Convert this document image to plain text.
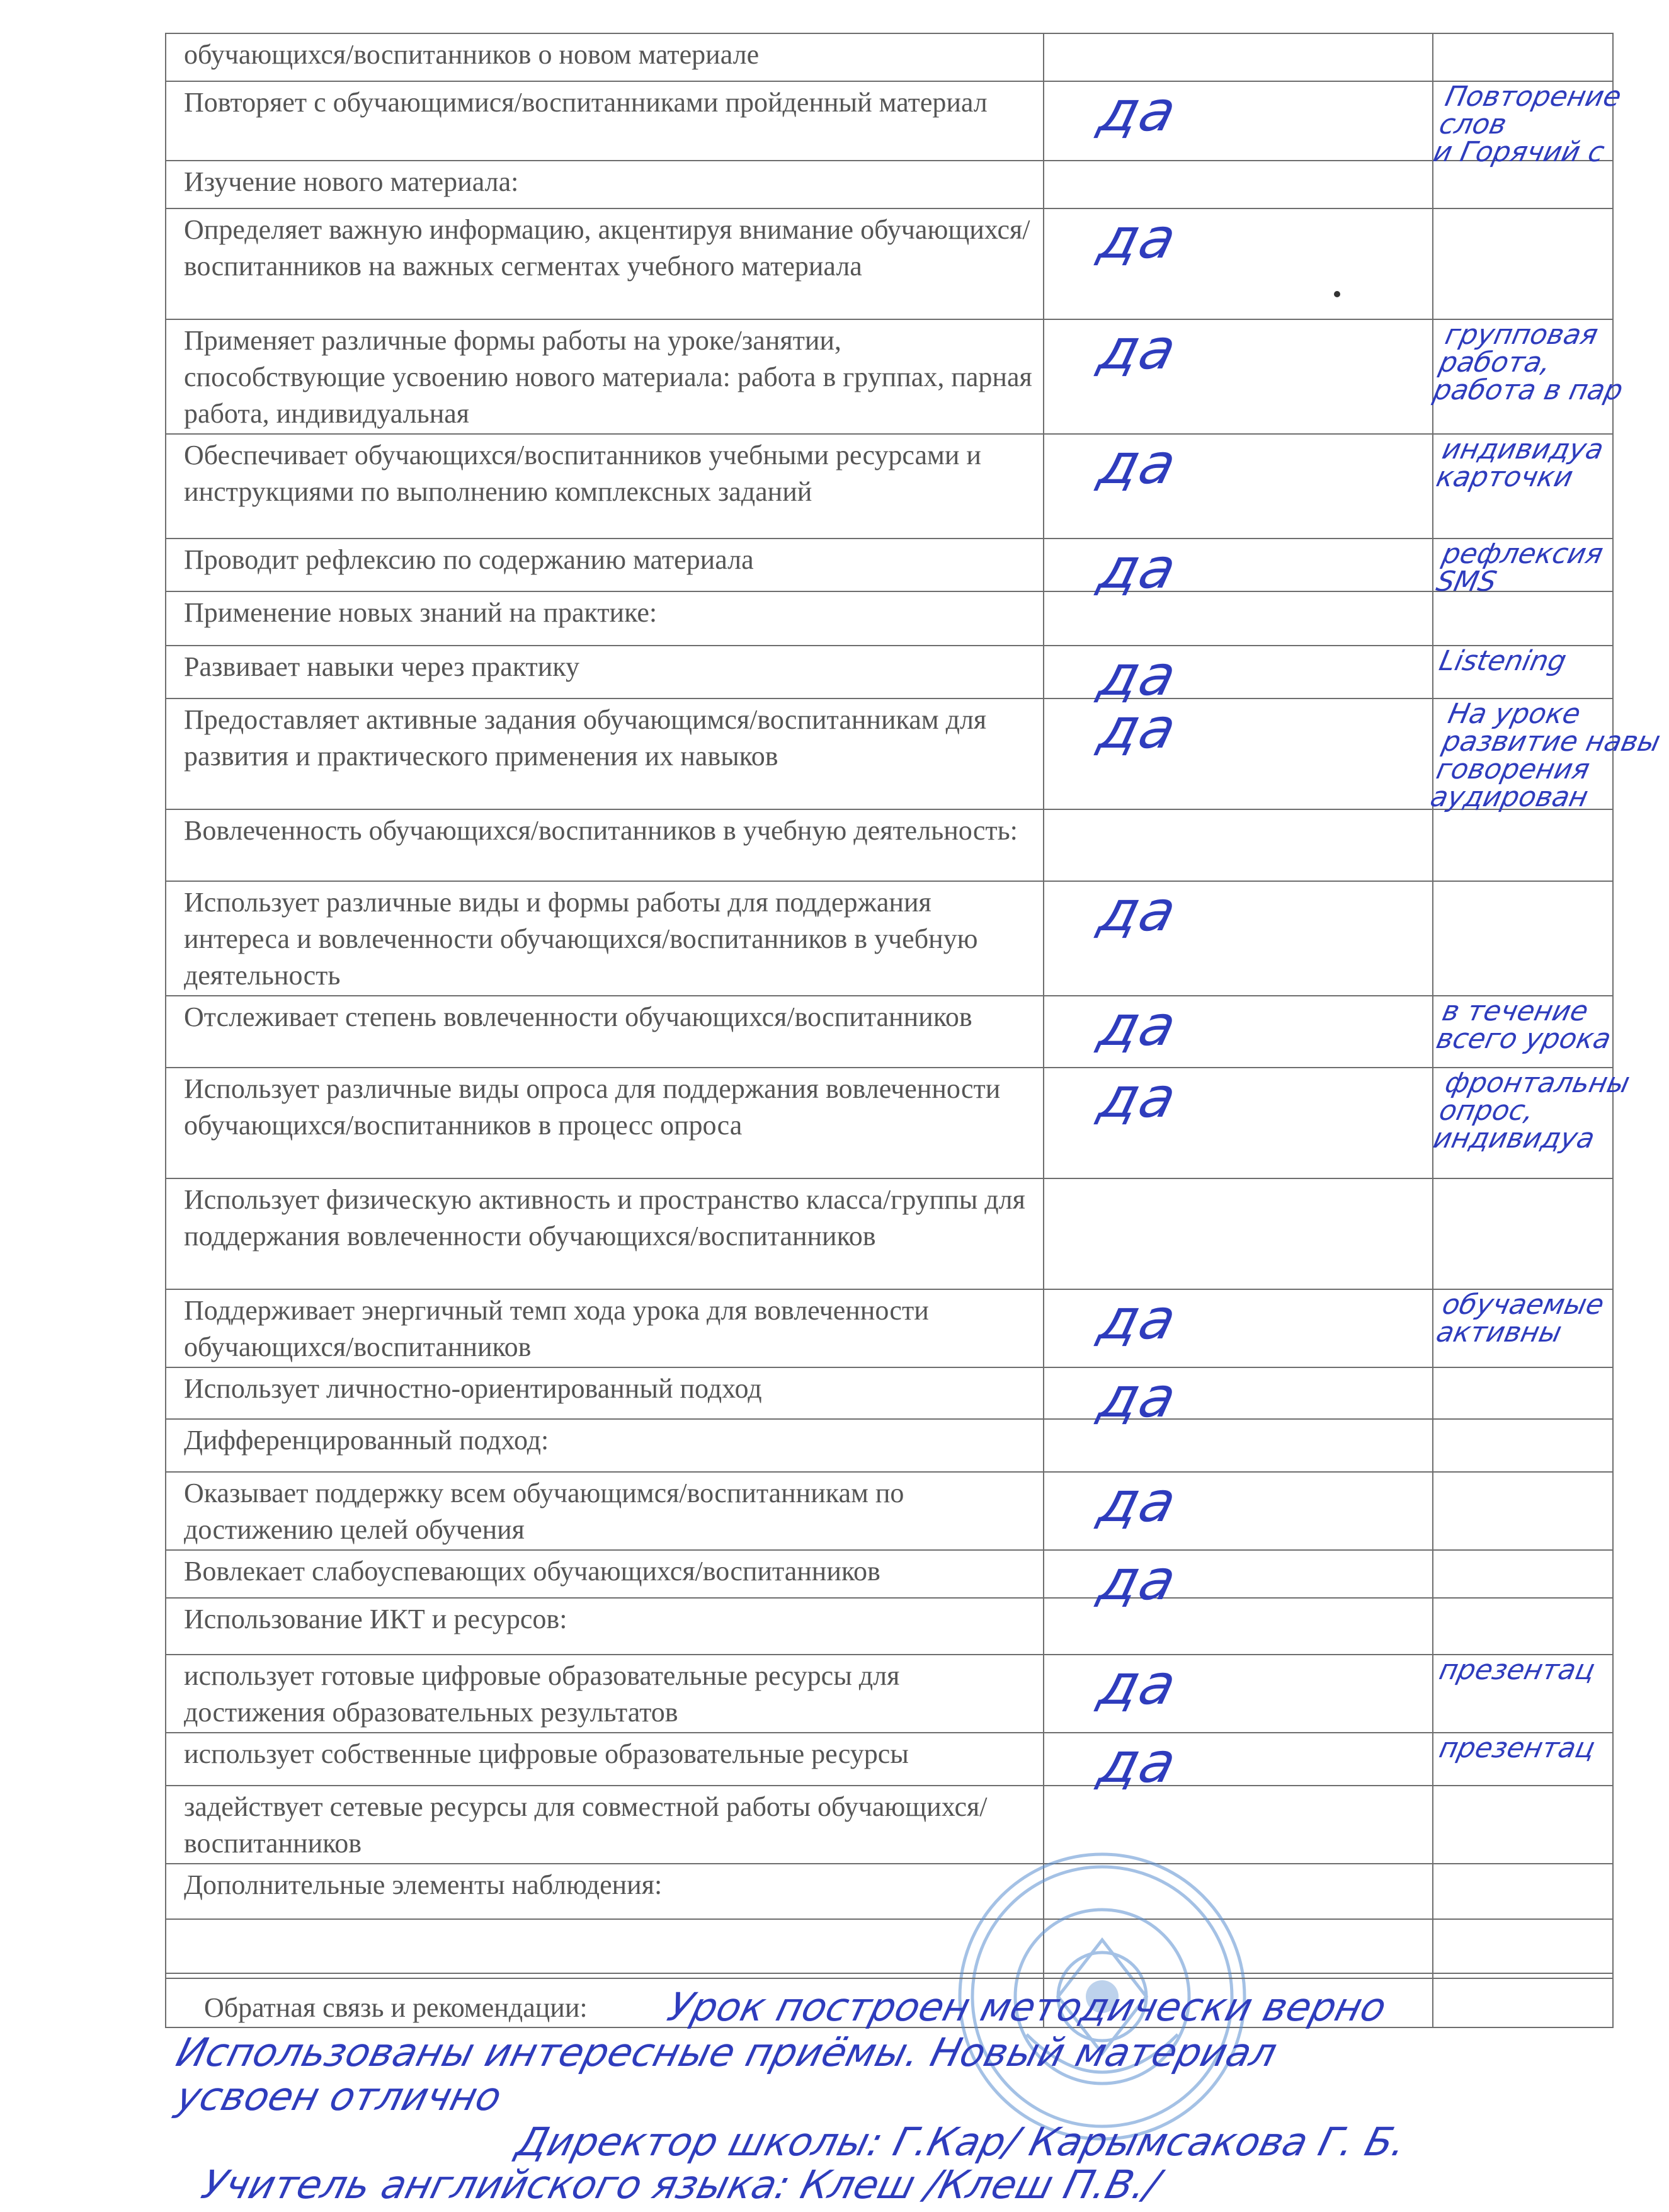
обучающихся/воспитанников о новом материале	

Повторяет с обучающимися/воспитанниками пройденный материал	да	Повторение
слов
и Горячий с

Изучение нового материала:	

Определяет важную информацию, акцентируя внимание обучающихся/воспитанников на важных сегментах учебного материала	да	

Применяет различные формы работы на уроке/занятии, способствующие усвоению нового материала: работа в группах, парная работа, индивидуальная	да	групповая
работа,
работа в пар

Обеспечивает обучающихся/воспитанников учебными ресурсами и инструкциями по выполнению комплексных заданий	да	индивидуа
карточки

Проводит рефлексию по содержанию материала	да	рефлексия
SMS

Применение новых знаний на практике:	

Развивает навыки через практику	да	Listening

Предоставляет активные задания обучающимся/воспитанникам для развития и практического применения их навыков	да	На уроке
развитие навы
говорения
аудирован

Вовлеченность обучающихся/воспитанников в учебную деятельность:	

Использует различные виды и формы работы для поддержания интереса и вовлеченности обучающихся/воспитанников в учебную деятельность	да	

Отслеживает степень вовлеченности обучающихся/воспитанников	да	в течение
всего урока

Использует различные виды опроса для поддержания вовлеченности обучающихся/воспитанников в процесс опроса	да	фронтальны
опрос,
индивидуа

Использует физическую активность и пространство класса/группы для поддержания вовлеченности обучающихся/воспитанников	

Поддерживает энергичный темп хода урока для вовлеченности обучающихся/воспитанников	да	обучаемые
активны

Использует личностно-ориентированный подход	да	

Дифференцированный подход:	

Оказывает поддержку всем обучающимся/воспитанникам по достижению целей обучения	да	

Вовлекает слабоуспевающих обучающихся/воспитанников	да	

Использование ИКТ и ресурсов:	

использует готовые цифровые образовательные ресурсы для достижения образовательных результатов	да	презентац

использует собственные цифровые образовательные ресурсы	да	презентац

задействует сетевые ресурсы для совместной работы обучающихся/воспитанников	

Дополнительные элементы наблюдения:	

Обратная связь и рекомендации: Урок построен методически верно
Использованы интересные приёмы. Новый материал
усвоен отлично
Директор школы: Г.Кар/ Карымсакова Г. Б.
Учитель английского языка: Клеш /Клеш П.В./
